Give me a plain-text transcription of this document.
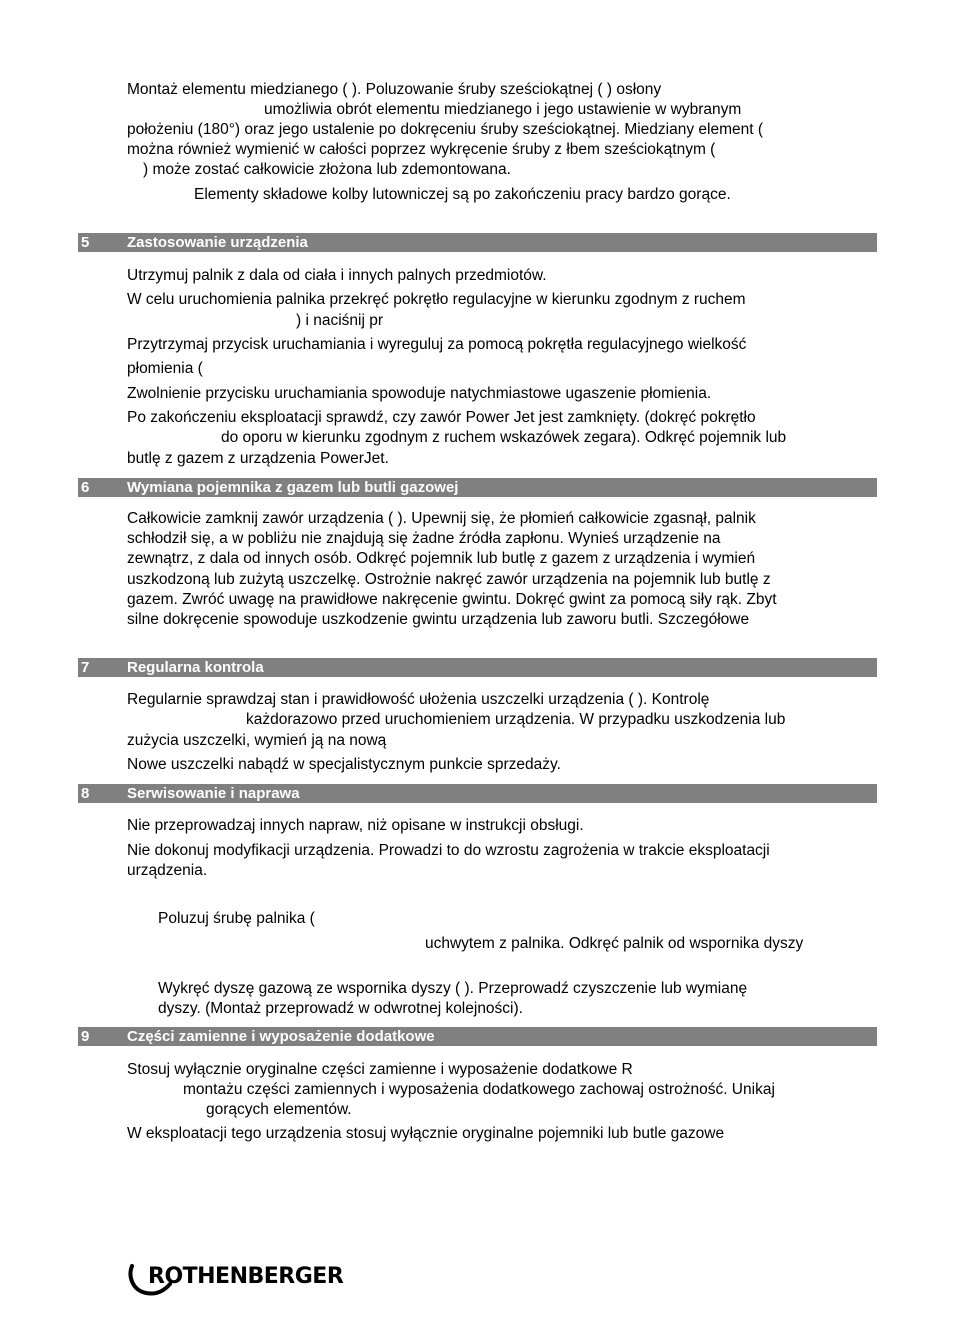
Montaż elementu miedzianego ( ). Poluzowanie śruby sześciokątnej ( ) osłony
umożliwia obrót elementu miedzianego i jego ustawienie w wybranym
położeniu (180°) oraz jego ustalenie po dokręceniu śruby sześciokątnej. Miedziany element (
można również wymienić w całości poprzez wykręcenie śruby z łbem sześciokątnym (
) może zostać całkowicie złożona lub zdemontowana.
Elementy składowe kolby lutowniczej są po zakończeniu pracy bardzo gorące.
5	Zastosowanie urządzenia
Utrzymuj palnik z dala od ciała i innych palnych przedmiotów.
W celu uruchomienia palnika przekręć pokrętło regulacyjne w kierunku zgodnym z ruchem
) i naciśnij pr
Przytrzymaj przycisk uruchamiania i wyreguluj za pomocą pokrętła regulacyjnego wielkość
płomienia (
Zwolnienie przycisku uruchamiania spowoduje natychmiastowe ugaszenie płomienia.
Po zakończeniu eksploatacji sprawdź, czy zawór Power Jet jest zamknięty. (dokręć pokrętło
do oporu w kierunku zgodnym z ruchem wskazówek zegara). Odkręć pojemnik lub
butlę z gazem z urządzenia PowerJet.
6	Wymiana pojemnika z gazem lub butli gazowej
Całkowicie zamknij zawór urządzenia ( ). Upewnij się, że płomień całkowicie zgasnął, palnik
schłodził się, a w pobliżu nie znajdują się żadne źródła zapłonu. Wynieś urządzenie na
zewnątrz, z dala od innych osób. Odkręć pojemnik lub butlę z gazem z urządzenia i wymień
uszkodzoną lub zużytą uszczelkę. Ostrożnie nakręć zawór urządzenia na pojemnik lub butlę z
gazem. Zwróć uwagę na prawidłowe nakręcenie gwintu. Dokręć gwint za pomocą siły rąk. Zbyt
silne dokręcenie spowoduje uszkodzenie gwintu urządzenia lub zaworu butli. Szczegółowe
7	Regularna kontrola
Regularnie sprawdzaj stan i prawidłowość ułożenia uszczelki urządzenia ( ). Kontrolę
każdorazowo przed uruchomieniem urządzenia. W przypadku uszkodzenia lub
zużycia uszczelki, wymień ją na nową
Nowe uszczelki nabądź w specjalistycznym punkcie sprzedaży.
8	Serwisowanie i naprawa
Nie przeprowadzaj innych napraw, niż opisane w instrukcji obsługi.
Nie dokonuj modyfikacji urządzenia. Prowadzi to do wzrostu zagrożenia w trakcie eksploatacji
urządzenia.
Poluzuj śrubę palnika (
uchwytem z palnika. Odkręć palnik od wspornika dyszy
Wykręć dyszę gazową ze wspornika dyszy ( ). Przeprowadź czyszczenie lub wymianę
dyszy. (Montaż przeprowadź w odwrotnej kolejności).
9	Części zamienne i wyposażenie dodatkowe
Stosuj wyłącznie oryginalne części zamienne i wyposażenie dodatkowe R
montażu części zamiennych i wyposażenia dodatkowego zachowaj ostrożność. Unikaj
gorących elementów.
W eksploatacji tego urządzenia stosuj wyłącznie oryginalne pojemniki lub butle gazowe
ROTHENBERGER
